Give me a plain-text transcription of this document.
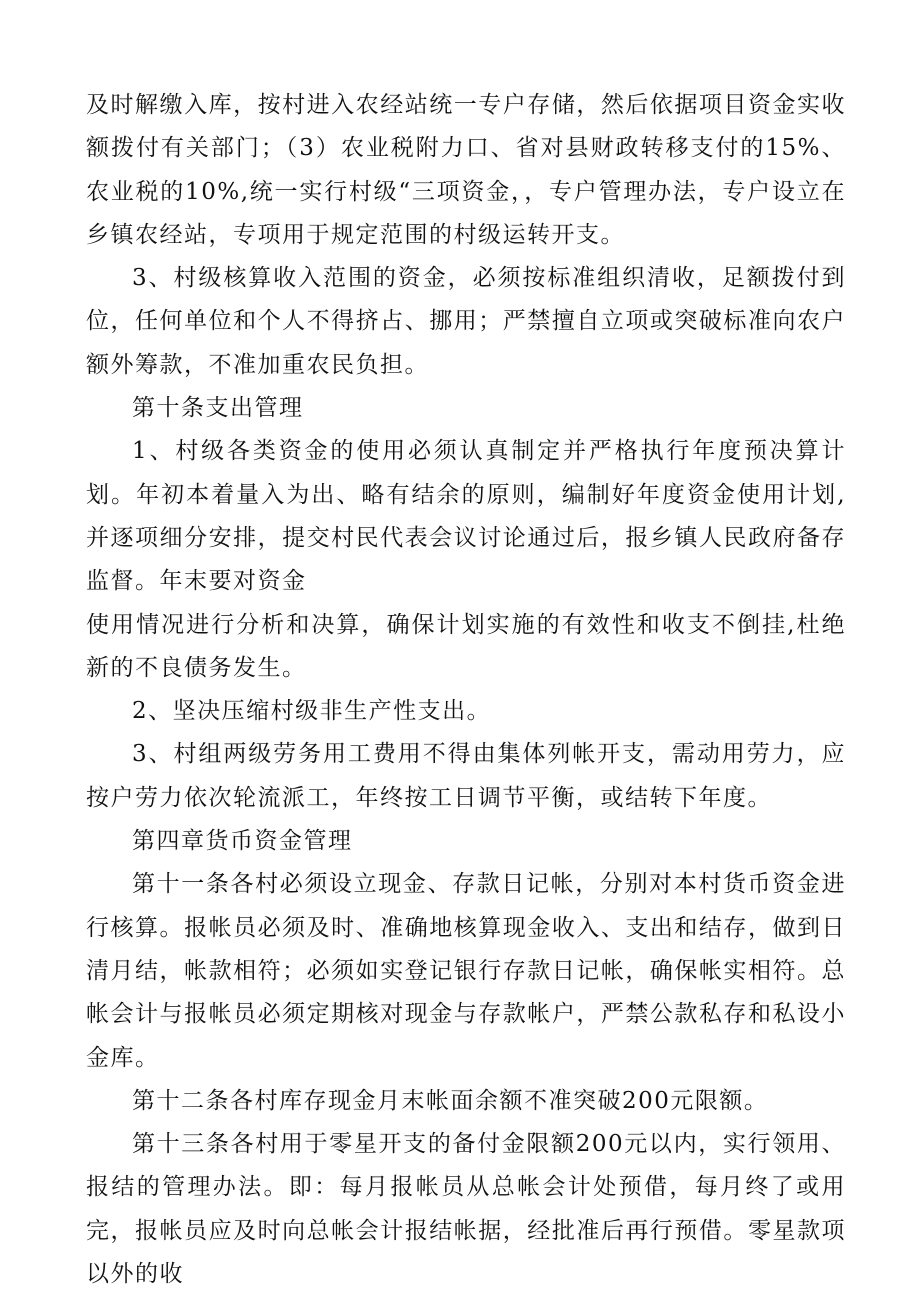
及时解缴入库，按村进入农经站统一专户存储，然后依据项目资金实收额拨付有关部门；（3）农业税附力口、省对县财政转移支付的15%、农业税的10%,统一实行村级“三项资金，，专户管理办法，专户设立在乡镇农经站，专项用于规定范围的村级运转开支。

3、村级核算收入范围的资金，必须按标准组织清收，足额拨付到位，任何单位和个人不得挤占、挪用；严禁擅自立项或突破标准向农户额外筹款，不准加重农民负担。

第十条支出管理

1、村级各类资金的使用必须认真制定并严格执行年度预决算计划。年初本着量入为出、略有结余的原则，编制好年度资金使用计划,并逐项细分安排，提交村民代表会议讨论通过后，报乡镇人民政府备存监督。年末要对资金

使用情况进行分析和决算，确保计划实施的有效性和收支不倒挂,杜绝新的不良债务发生。

2、坚决压缩村级非生产性支出。

3、村组两级劳务用工费用不得由集体列帐开支，需动用劳力，应按户劳力依次轮流派工，年终按工日调节平衡，或结转下年度。

第四章货币资金管理

第十一条各村必须设立现金、存款日记帐，分别对本村货币资金进行核算。报帐员必须及时、准确地核算现金收入、支出和结存，做到日清月结，帐款相符；必须如实登记银行存款日记帐，确保帐实相符。总帐会计与报帐员必须定期核对现金与存款帐户，严禁公款私存和私设小金库。

第十二条各村库存现金月末帐面余额不准突破200元限额。

第十三条各村用于零星开支的备付金限额200元以内，实行领用、报结的管理办法。即：每月报帐员从总帐会计处预借，每月终了或用完，报帐员应及时向总帐会计报结帐据，经批准后再行预借。零星款项以外的收
